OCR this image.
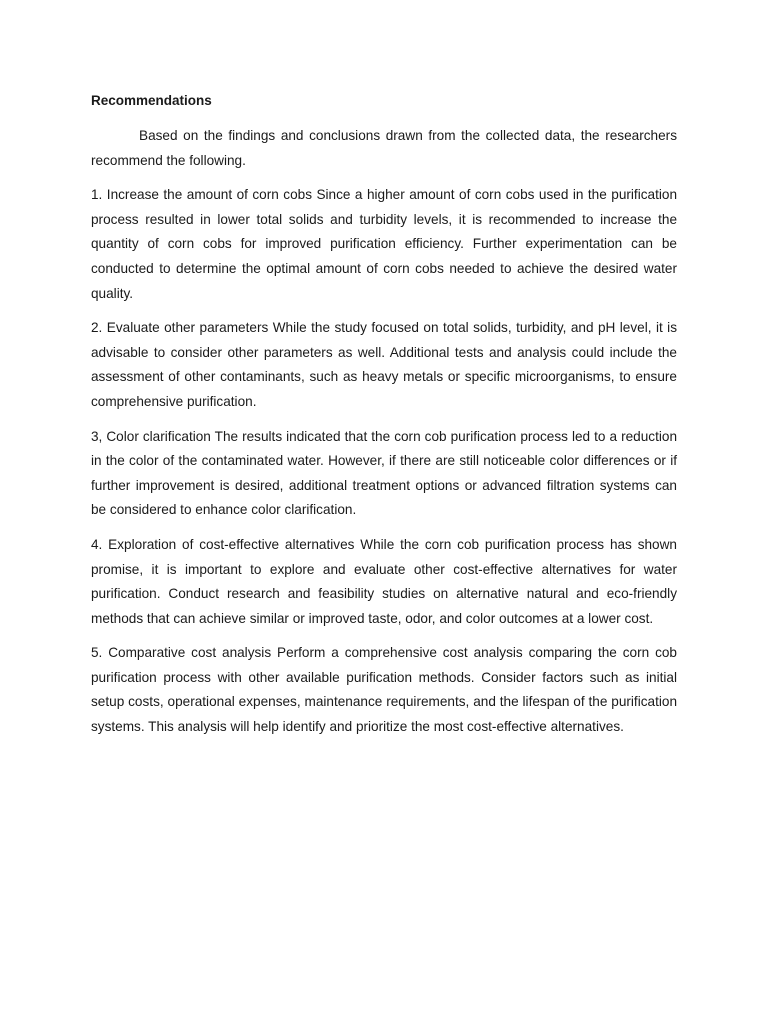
Recommendations

Based on the findings and conclusions drawn from the collected data, the researchers recommend the following.

1. Increase the amount of corn cobs Since a higher amount of corn cobs used in the purification process resulted in lower total solids and turbidity levels, it is recommended to increase the quantity of corn cobs for improved purification efficiency. Further experimentation can be conducted to determine the optimal amount of corn cobs needed to achieve the desired water quality.

2. Evaluate other parameters While the study focused on total solids, turbidity, and pH level, it is advisable to consider other parameters as well. Additional tests and analysis could include the assessment of other contaminants, such as heavy metals or specific microorganisms, to ensure comprehensive purification.

3, Color clarification The results indicated that the corn cob purification process led to a reduction in the color of the contaminated water. However, if there are still noticeable color differences or if further improvement is desired, additional treatment options or advanced filtration systems can be considered to enhance color clarification.

4. Exploration of cost-effective alternatives While the corn cob purification process has shown promise, it is important to explore and evaluate other cost-effective alternatives for water purification. Conduct research and feasibility studies on alternative natural and eco-friendly methods that can achieve similar or improved taste, odor, and color outcomes at a lower cost.

5. Comparative cost analysis Perform a comprehensive cost analysis comparing the corn cob purification process with other available purification methods. Consider factors such as initial setup costs, operational expenses, maintenance requirements, and the lifespan of the purification systems. This analysis will help identify and prioritize the most cost-effective alternatives.
